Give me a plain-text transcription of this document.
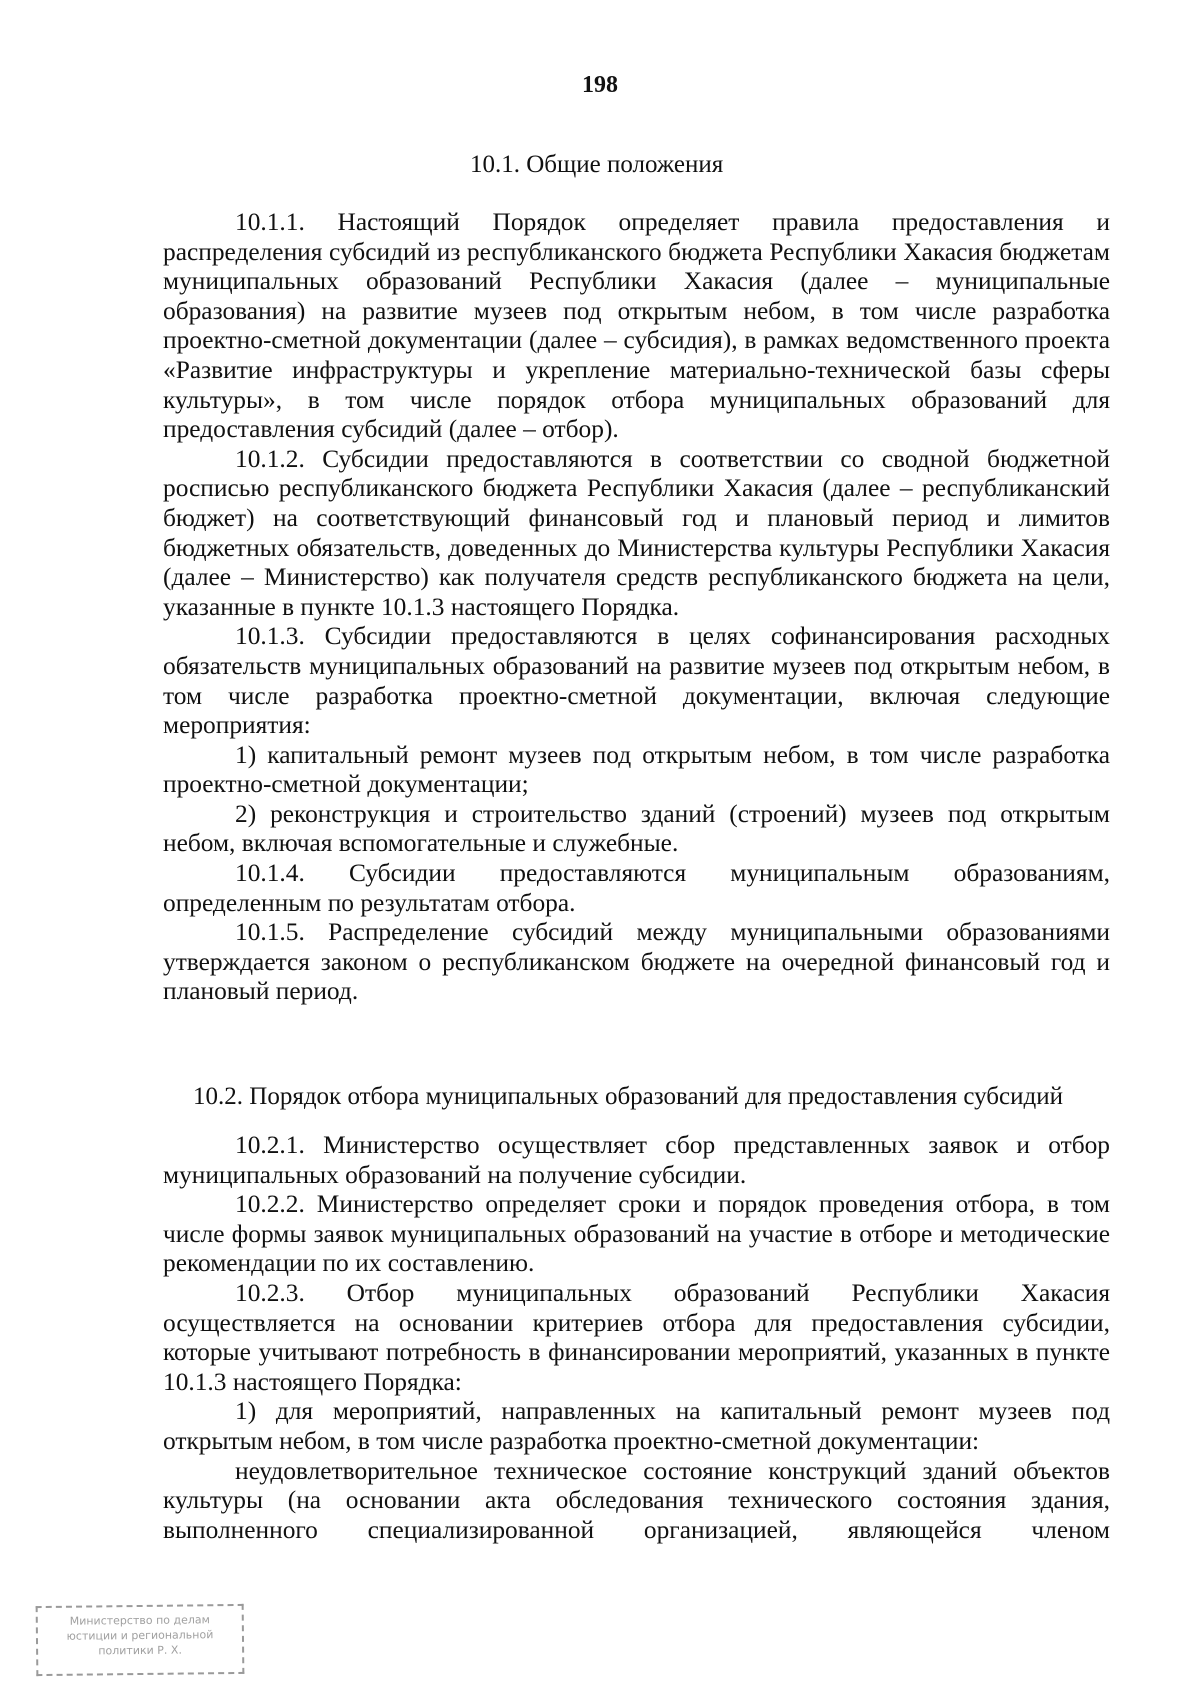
198
10.1. Общие положения

10.1.1. Настоящий Порядок определяет правила предоставления и распределения субсидий из республиканского бюджета Республики Хакасия бюджетам муниципальных образований Республики Хакасия (далее – муниципальные образования) на развитие музеев под открытым небом, в том числе разработка проектно-сметной документации (далее – субсидия), в рамках ведомственного проекта «Развитие инфраструктуры и укрепление материально-технической базы сферы культуры», в том числе порядок отбора муниципальных образований для предоставления субсидий (далее – отбор).

10.1.2. Субсидии предоставляются в соответствии со сводной бюджетной росписью республиканского бюджета Республики Хакасия (далее – республиканский бюджет) на соответствующий финансовый год и плановый период и лимитов бюджетных обязательств, доведенных до Министерства культуры Республики Хакасия (далее – Министерство) как получателя средств республиканского бюджета на цели, указанные в пункте 10.1.3 настоящего Порядка.

10.1.3. Субсидии предоставляются в целях софинансирования расходных обязательств муниципальных образований на развитие музеев под открытым небом, в том числе разработка проектно-сметной документации, включая следующие мероприятия:

1) капитальный ремонт музеев под открытым небом, в том числе разработка проектно-сметной документации;

2) реконструкция и строительство зданий (строений) музеев под открытым небом, включая вспомогательные и служебные.

10.1.4. Субсидии предоставляются муниципальным образованиям, определенным по результатам отбора.

10.1.5. Распределение субсидий между муниципальными образованиями утверждается законом о республиканском бюджете на очередной финансовый год и плановый период.

10.2. Порядок отбора муниципальных образований для предоставления субсидий

10.2.1. Министерство осуществляет сбор представленных заявок и отбор муниципальных образований на получение субсидии.

10.2.2. Министерство определяет сроки и порядок проведения отбора, в том числе формы заявок муниципальных образований на участие в отборе и методические рекомендации по их составлению.

10.2.3. Отбор муниципальных образований Республики Хакасия осуществляется на основании критериев отбора для предоставления субсидии, которые учитывают потребность в финансировании мероприятий, указанных в пункте 10.1.3 настоящего Порядка:

1) для мероприятий, направленных на капитальный ремонт музеев под открытым небом, в том числе разработка проектно-сметной документации:

неудовлетворительное техническое состояние конструкций зданий объектов культуры (на основании акта обследования технического состояния здания, выполненного специализированной организацией, являющейся членом

Министерство по делам
юстиции и региональной
политики Р. Х.
